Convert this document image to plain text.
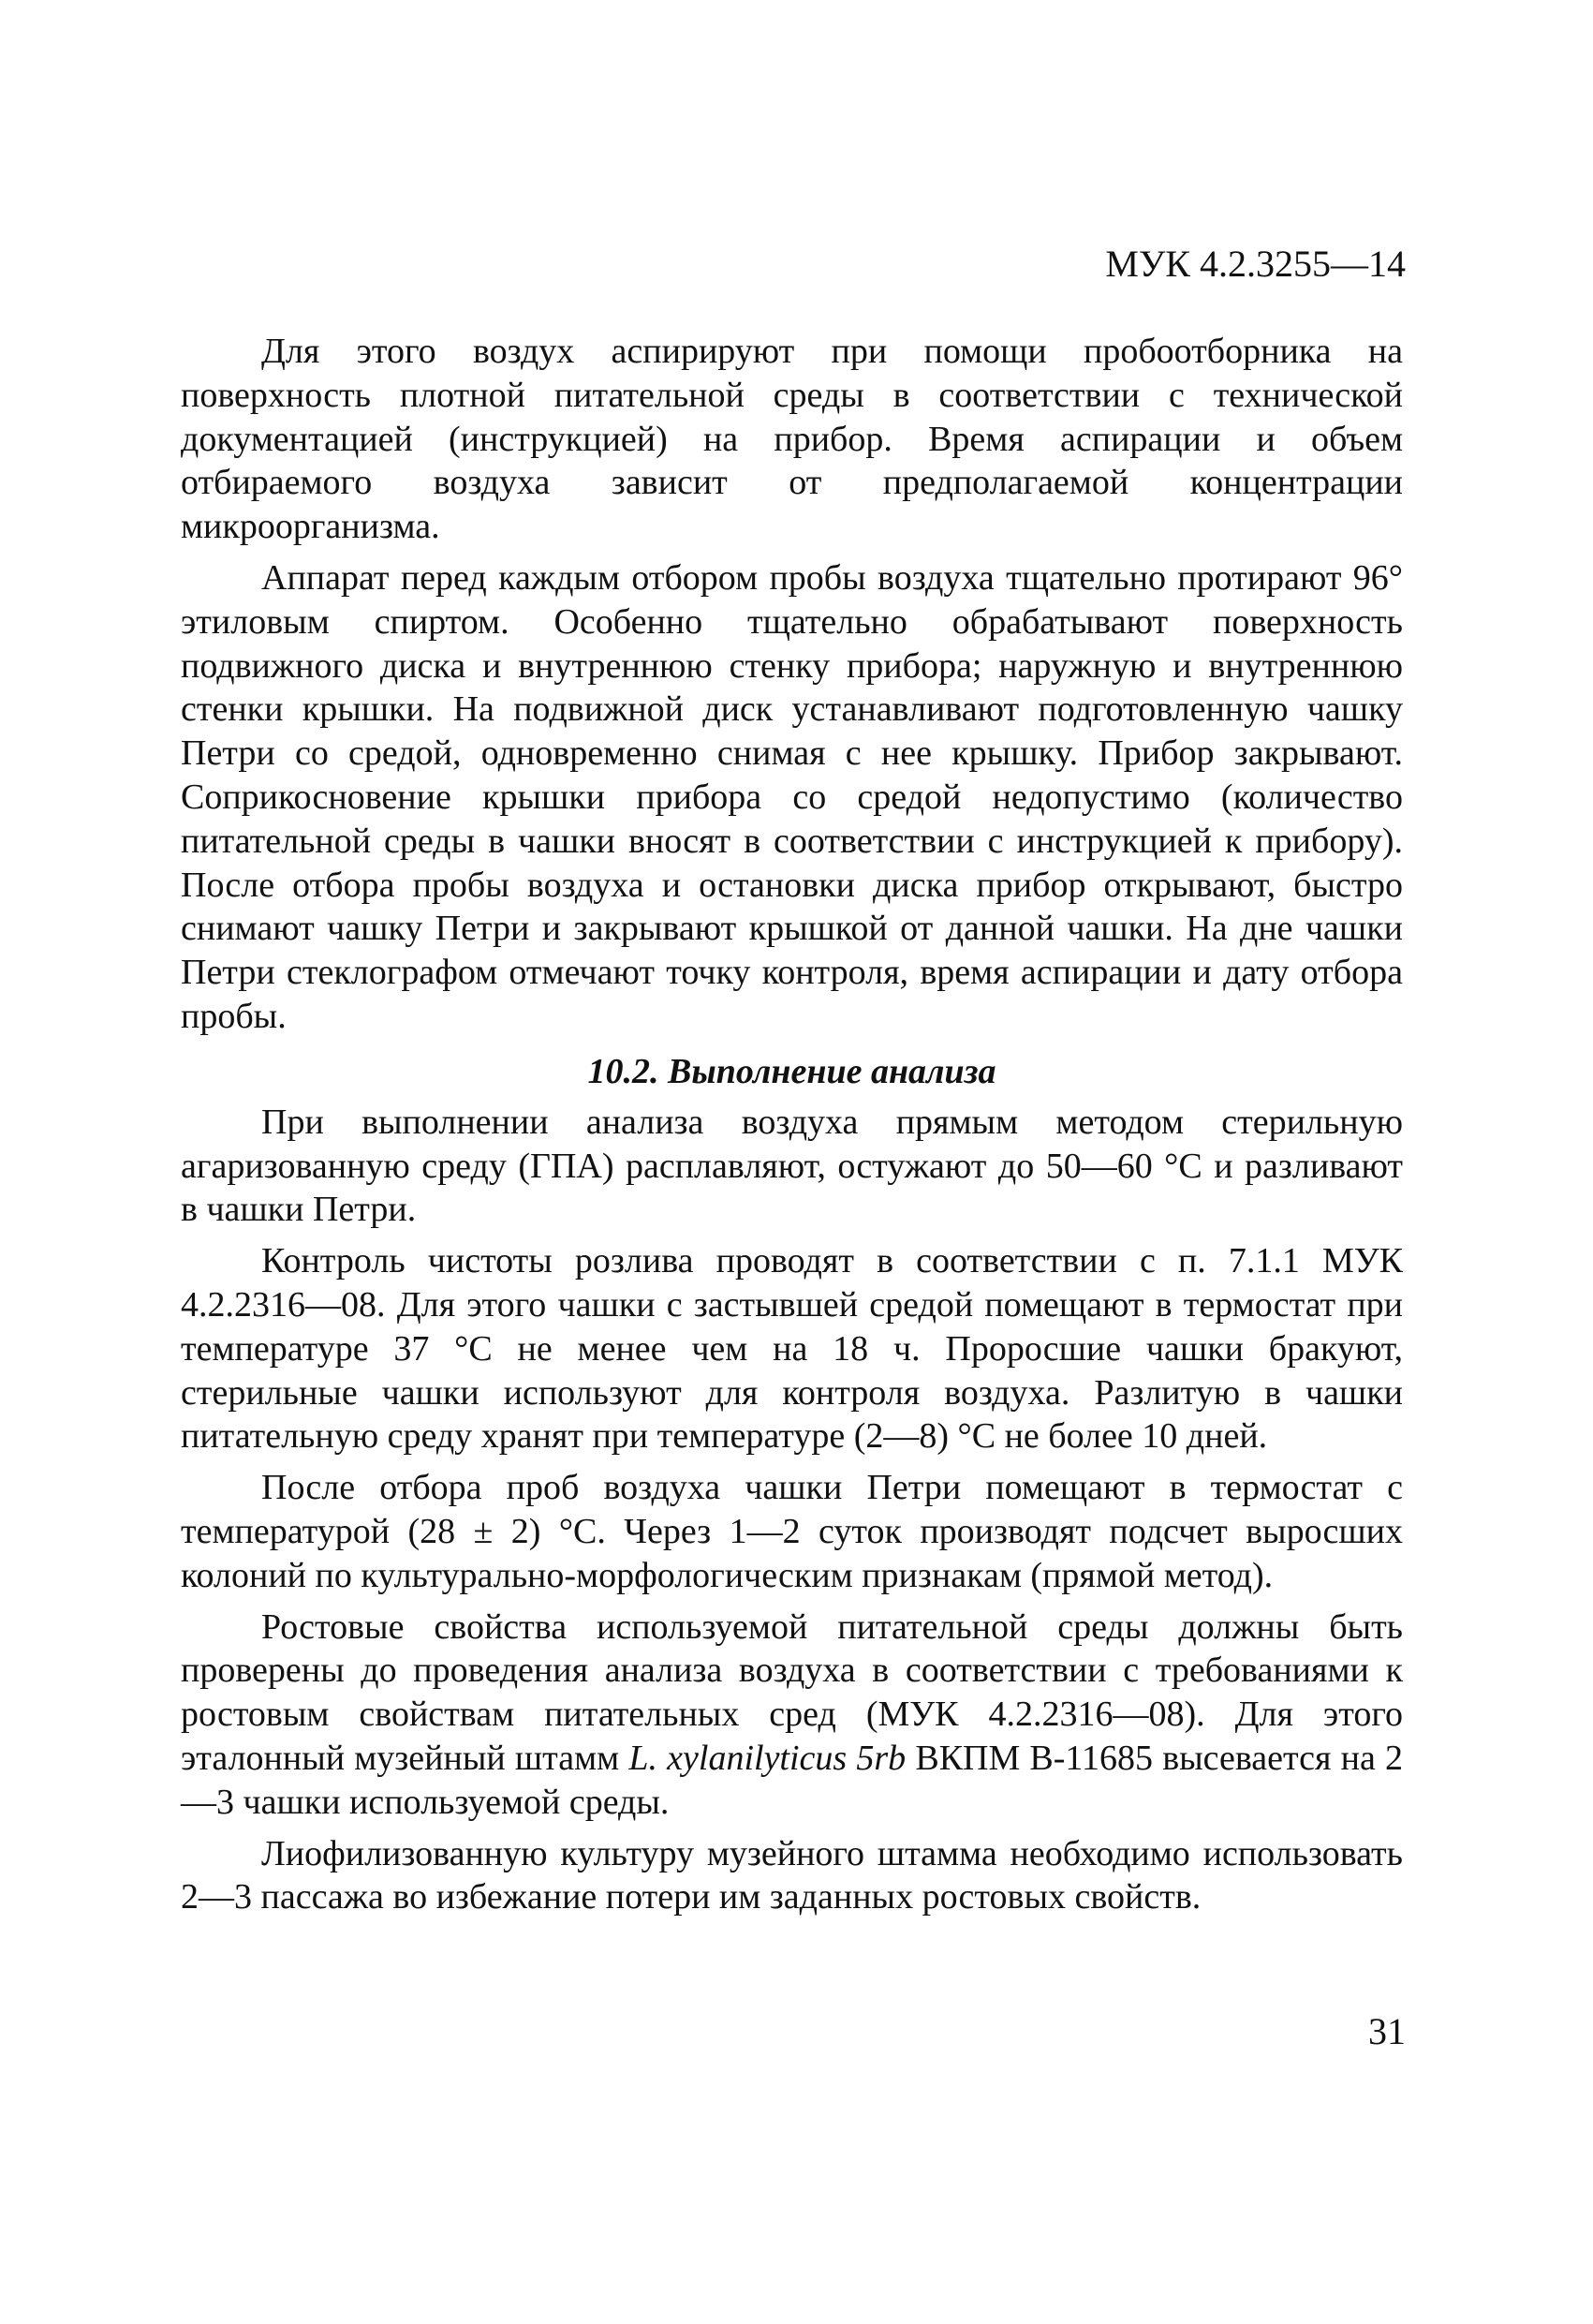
МУК 4.2.3255—14

Для этого воздух аспирируют при помощи пробоотборника на поверхность плотной питательной среды в соответствии с технической документацией (инструкцией) на прибор. Время аспирации и объем отбираемого воздуха зависит от предполагаемой концентрации микроорганизма.

Аппарат перед каждым отбором пробы воздуха тщательно протирают 96° этиловым спиртом. Особенно тщательно обрабатывают поверхность подвижного диска и внутреннюю стенку прибора; наружную и внутреннюю стенки крышки. На подвижной диск устанавливают подготовленную чашку Петри со средой, одновременно снимая с нее крышку. Прибор закрывают. Соприкосновение крышки прибора со средой недопустимо (количество питательной среды в чашки вносят в соответствии с инструкцией к прибору). После отбора пробы воздуха и остановки диска прибор открывают, быстро снимают чашку Петри и закрывают крышкой от данной чашки. На дне чашки Петри стеклографом отмечают точку контроля, время аспирации и дату отбора пробы.

10.2. Выполнение анализа

При выполнении анализа воздуха прямым методом стерильную агаризованную среду (ГПА) расплавляют, остужают до 50—60 °С и разливают в чашки Петри.

Контроль чистоты розлива проводят в соответствии с п. 7.1.1 МУК 4.2.2316—08. Для этого чашки с застывшей средой помещают в термостат при температуре 37 °С не менее чем на 18 ч. Проросшие чашки бракуют, стерильные чашки используют для контроля воздуха. Разлитую в чашки питательную среду хранят при температуре (2—8) °С не более 10 дней.

После отбора проб воздуха чашки Петри помещают в термостат с температурой (28 ± 2) °С. Через 1—2 суток производят подсчет выросших колоний по культурально-морфологическим признакам (прямой метод).

Ростовые свойства используемой питательной среды должны быть проверены до проведения анализа воздуха в соответствии с требованиями к ростовым свойствам питательных сред (МУК 4.2.2316—08). Для этого эталонный музейный штамм L. xylanilyticus 5rb ВКПМ В-11685 высевается на 2—3 чашки используемой среды.

Лиофилизованную культуру музейного штамма необходимо использовать 2—3 пассажа во избежание потери им заданных ростовых свойств.

31
